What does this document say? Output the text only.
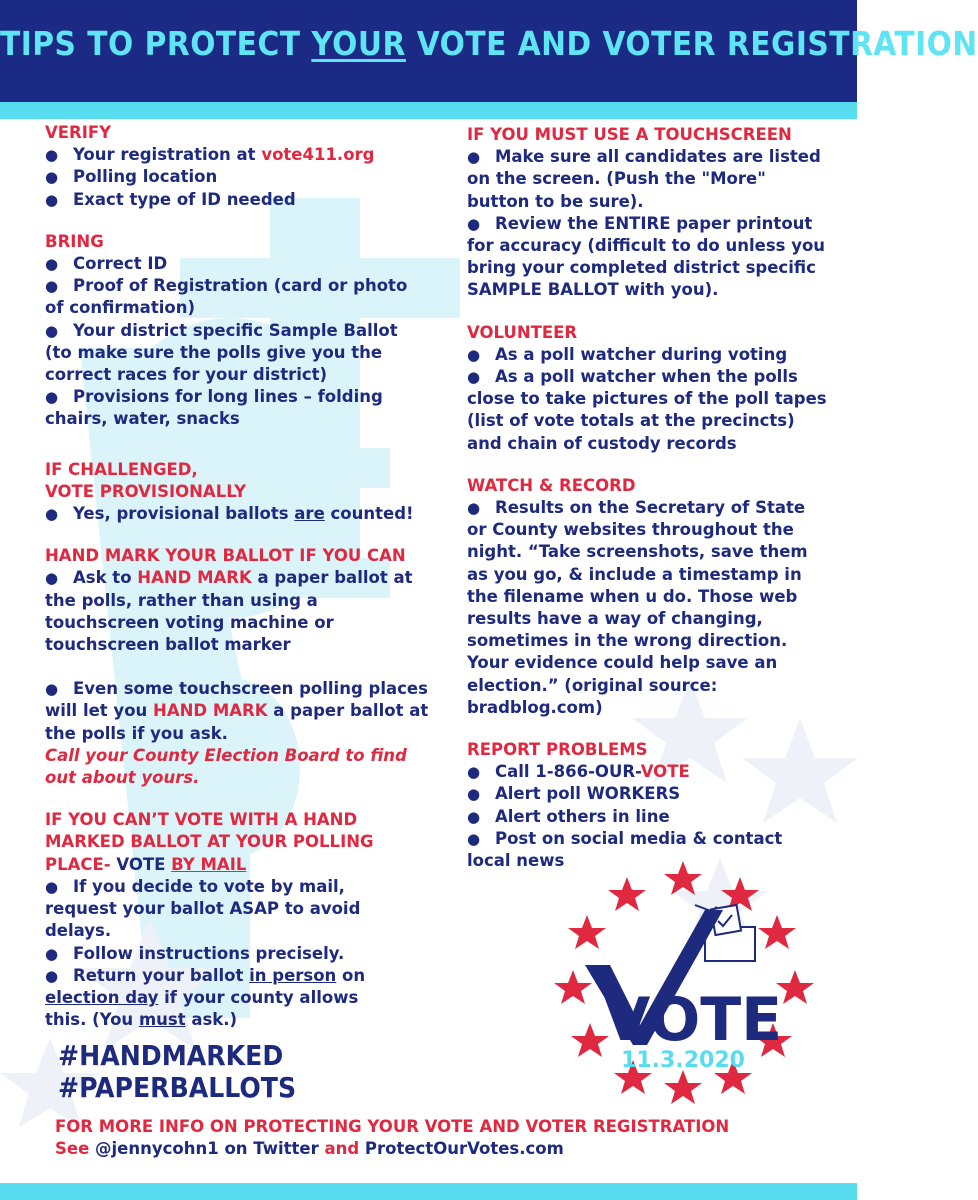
TIPS TO PROTECT YOUR VOTE AND VOTER REGISTRATION

VERIFY

● Your registration at vote411.org

● Polling location

● Exact type of ID needed

BRING

● Correct ID

● Proof of Registration (card or photo of confirmation)

● Your district specific Sample Ballot (to make sure the polls give you the correct races for your district)

● Provisions for long lines – folding chairs, water, snacks

IF CHALLENGED,

VOTE PROVISIONALLY

● Yes, provisional ballots are counted!

HAND MARK YOUR BALLOT IF YOU CAN

● Ask to HAND MARK a paper ballot at the polls, rather than using a touchscreen voting machine or touchscreen ballot marker

● Even some touchscreen polling places will let you HAND MARK a paper ballot at the polls if you ask.

Call your County Election Board to find out about yours.

IF YOU CAN’T VOTE WITH A HAND MARKED BALLOT AT YOUR POLLING PLACE- VOTE BY MAIL

● If you decide to vote by mail, request your ballot ASAP to avoid delays.

● Follow instructions precisely.

● Return your ballot in person on election day if your county allows this. (You must ask.)

#HANDMARKED
#PAPERBALLOTS

IF YOU MUST USE A TOUCHSCREEN

● Make sure all candidates are listed on the screen. (Push the "More" button to be sure).

● Review the ENTIRE paper printout for accuracy (difficult to do unless you bring your completed district specific SAMPLE BALLOT with you).

VOLUNTEER

● As a poll watcher during voting

● As a poll watcher when the polls close to take pictures of the poll tapes (list of vote totals at the precincts) and chain of custody records

WATCH & RECORD

● Results on the Secretary of State or County websites throughout the night. “Take screenshots, save them as you go, & include a timestamp in the filename when u do. Those web results have a way of changing, sometimes in the wrong direction. Your evidence could help save an election.” (original source: bradblog.com)

REPORT PROBLEMS

● Call 1-866-OUR-VOTE

● Alert poll WORKERS

● Alert others in line

● Post on social media & contact local news

VOTE
11.3.2020
FOR MORE INFO ON PROTECTING YOUR VOTE AND VOTER REGISTRATION
See @jennycohn1 on Twitter and ProtectOurVotes.com
